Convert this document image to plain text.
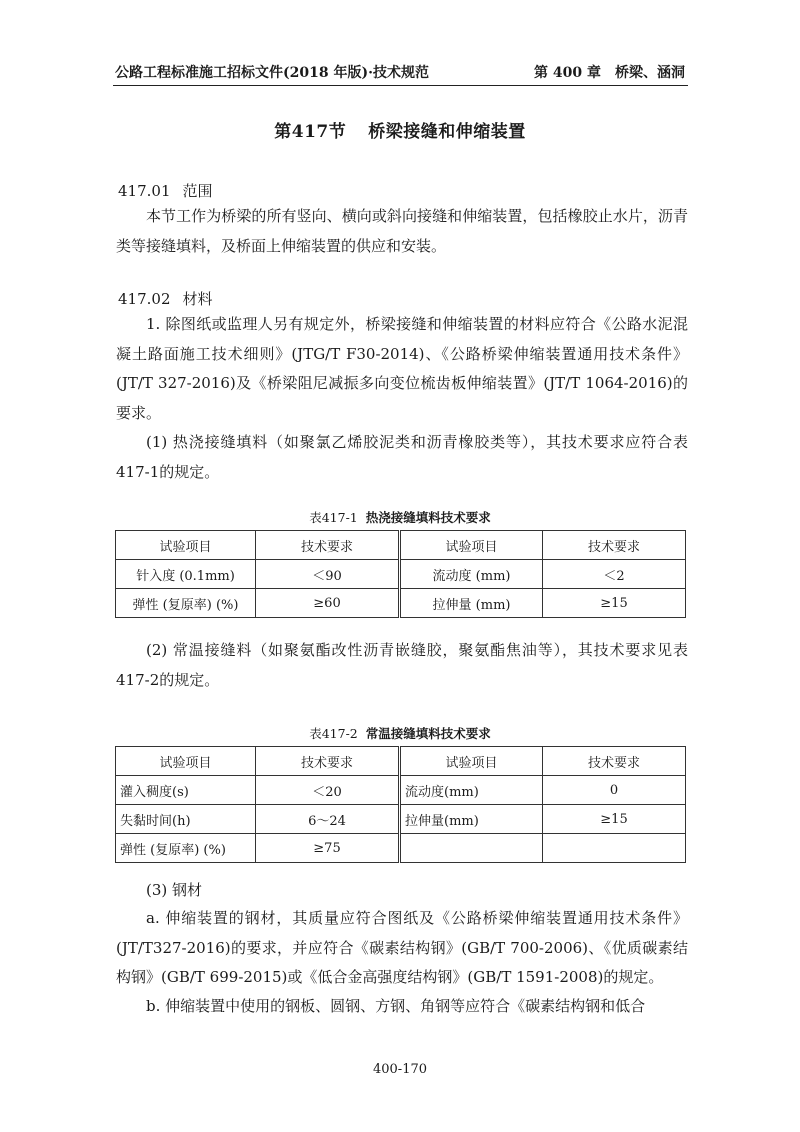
公路工程标准施工招标文件(2018 年版)·技术规范	第 400 章　桥梁、涵洞
第417节 桥梁接缝和伸缩装置
417.01 范围

本节工作为桥梁的所有竖向、横向或斜向接缝和伸缩装置，包括橡胶止水片，沥青类等接缝填料，及桥面上伸缩装置的供应和安装。

417.02 材料

1. 除图纸或监理人另有规定外，桥梁接缝和伸缩装置的材料应符合《公路水泥混凝土路面施工技术细则》(JTG/T F30-2014)、《公路桥梁伸缩装置通用技术条件》(JT/T 327-2016)及《桥梁阻尼减振多向变位梳齿板伸缩装置》(JT/T 1064-2016)的要求。

(1) 热浇接缝填料（如聚氯乙烯胶泥类和沥青橡胶类等），其技术要求应符合表417-1的规定。

表417-1 热浇接缝填料技术要求
试验项目	技术要求	试验项目	技术要求
针入度 (0.1mm)	＜90	流动度 (mm)	＜2
弹性 (复原率) (%)	≥60	拉伸量 (mm)	≥15

(2) 常温接缝料（如聚氨酯改性沥青嵌缝胶，聚氨酯焦油等），其技术要求见表417-2的规定。

表417-2 常温接缝填料技术要求
试验项目	技术要求	试验项目	技术要求
灌入稠度(s)	＜20	流动度(mm)	0
失黏时间(h)	6～24	拉伸量(mm)	≥15
弹性 (复原率) (%)	≥75		

(3) 钢材

a. 伸缩装置的钢材，其质量应符合图纸及《公路桥梁伸缩装置通用技术条件》(JT/T327-2016)的要求，并应符合《碳素结构钢》(GB/T 700-2006)、《优质碳素结构钢》(GB/T 699-2015)或《低合金高强度结构钢》(GB/T 1591-2008)的规定。

b. 伸缩装置中使用的钢板、圆钢、方钢、角钢等应符合《碳素结构钢和低合

400-170
